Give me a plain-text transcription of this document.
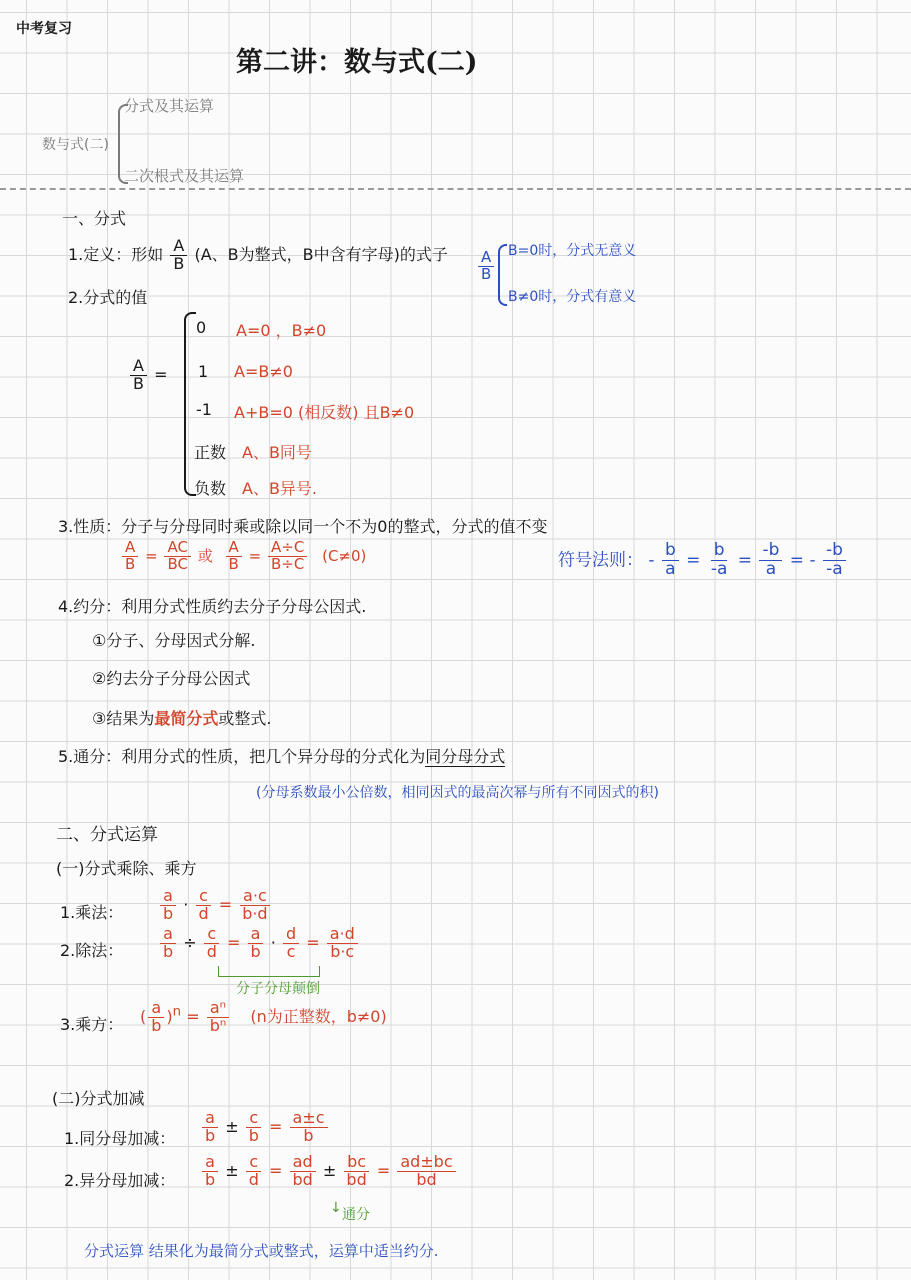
中考复习
第二讲：数与式(二)
数与式(二)
分式及其运算
二次根式及其运算
一、分式
1.定义：形如 $\frac{A}{B} (A$、B为整式，B中含有字母)的式子 $\frac{A}{B} B=0$时，分式无意义
B≠0时，分式有意义
2.分式的值
$\frac{A}{B}$ =
0 A=0 ，B≠0
1 A=B≠0
-1 A+B=0 (相反数) 且B≠0
正数 A、B同号
负数 A、B异号.
3.性质：分子与分母同时乘或除以同一个不为0的整式，分式的值不变
$\frac{A}{B} = \frac{AC}{BC}$ 或 $\frac{A}{B} = \frac{A\div C}{B\div C} (C\ne 0)$	符号法则： - $\frac{b}{a} = \frac{b}{-a} = \frac{-b}{a}$ = - $\frac{-b}{-a}$
4.约分：利用分式性质约去分子分母公因式.
①分子、分母因式分解.
②约去分子分母公因式
③结果为最简分式或整式.
5.通分：利用分式的性质，把几个异分母的分式化为同分母分式
(分母系数最小公倍数，相同因式的最高次幂与所有不同因式的积)
二、分式运算
(一)分式乘除、乘方
1.乘法： $\frac{a}{b} \cdot \frac{c}{d} = \frac{a\cdot c}{b\cdot d}$
2.除法： $\frac{a}{b} \div \frac{c}{d} = \frac{a}{b} \cdot \frac{d}{c} = \frac{a\cdot d}{b\cdot c}$
分子分母颠倒
3.乘方： ( $\frac{a}{b} )^n = \frac{\text{aⁿ}}{\text{bⁿ}} (n$为正整数，b≠0)
(二)分式加减
1.同分母加减： $\frac{a}{b} \pm \frac{c}{b} = \frac{a\pm c}{b}$
2.异分母加减： $\frac{a}{b} \pm \frac{c}{d} = \frac{ad}{bd} \pm \frac{bc}{bd} = \frac{ad\pm bc}{bd}$
↓ 通分
分式运算 结果化为最简分式或整式，运算中适当约分.
